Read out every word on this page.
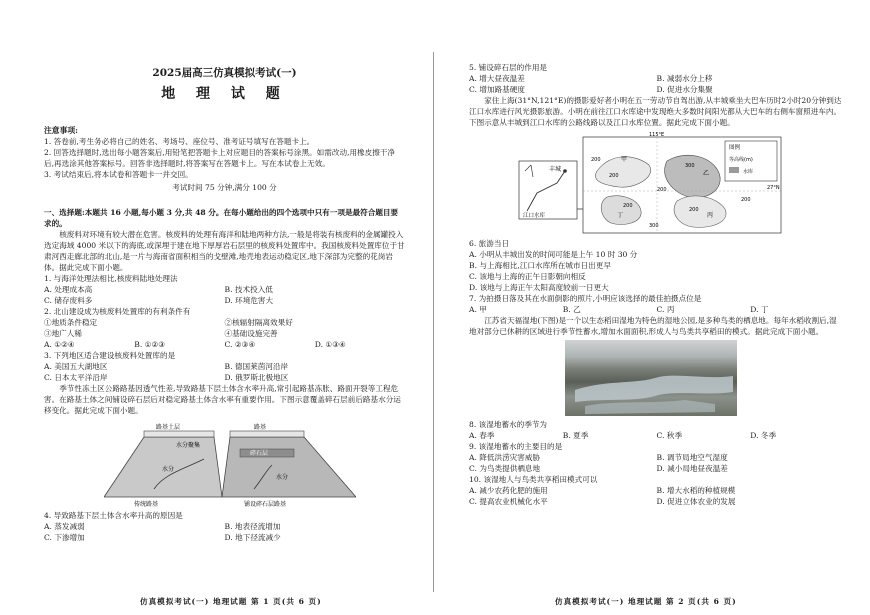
2025届高三仿真模拟考试(一)
地 理 试 题
注意事项:
1. 答卷前,考生务必将自己的姓名、考场号、座位号、准考证号填写在答题卡上。
2. 回答选择题时,选出每小题答案后,用铅笔把答题卡上对应题目的答案标号涂黑。如需改动,用橡皮擦干净后,再选涂其他答案标号。回答非选择题时,将答案写在答题卡上。写在本试卷上无效。
3. 考试结束后,将本试卷和答题卡一并交回。
考试时间 75 分钟,满分 100 分
一、选择题:本题共 16 小题,每小题 3 分,共 48 分。在每小题给出的四个选项中只有一项是最符合题目要求的。
核废料对环境有较大潜在危害。核废料的处理有海洋和陆地两种方法,一般是将装有核废料的金属罐投入选定海域 4000 米以下的海底,或深埋于建在地下厚厚岩石层里的核废料处置库中。我国核废料处置库位于甘肃河西走廊北部的北山,是一片与海南省面积相当的戈壁滩,地壳地表运动稳定区,地下深部为完整的花岗岩体。据此完成下面小题。
1. 与海洋处理法相比,核废料陆地处理法
A. 处理成本高	B. 技术投入低
C. 储存废料多	D. 环境危害大
2. 北山建设成为核废料处置库的有利条件有
①地质条件稳定	②核辐射隔离效果好
③地广人稀	④基础设施完善
A. ①②④	B. ①②③	C. ②③④	D. ①③④
3. 下列地区适合建设核废料处置库的是
A. 美国五大湖地区	B. 德国莱茵河沿岸
C. 日本太平洋沿岸	D. 俄罗斯北极地区
季节性冻土区公路路基因透气性差,导致路基下层土体含水率升高,常引起路基冻胀、路面开裂等工程危害。在路基土体之间铺设碎石层后对稳定路基土体含水率有重要作用。下图示意覆盖碎石层前后路基水分运移变化。据此完成下面小题。
路基土层	路基
水分聚集
碎石层
水分
水分
传统路基	铺设碎石层路基
4. 导致路基下层土体含水率升高的原因是
A. 蒸发减弱	B. 地表径流增加
C. 下渗增加	D. 地下径流减少
仿真模拟考试(一) 地理试题 第 1 页(共 6 页)
5. 铺设碎石层的作用是
A. 增大昼夜温差	B. 减弱水分上移
C. 增加路基硬度	D. 促进水分集聚
家住上海(31°N,121°E)的摄影爱好者小明在五一劳动节自驾出游,从丰城乘坐大巴车历时2小时20分钟到达江口水库进行风光摄影旅游。小明在前往江口水库途中发现绝大多数时间阳光都从大巴车的右侧车窗照进车内。下图示意从丰城到江口水库的公路线路以及江口水库位置。据此完成下面小题。
丰城
江口水库
图例
等高线(m)
水库
115°E
27°N
甲
乙
丙
丁
200
300
200
200
200
200
200
300
6. 旅游当日
A. 小明从丰城出发的时间可能是上午 10 时 30 分
B. 与上海相比,江口水库所在城市日出更早
C. 该地与上海的正午日影朝向相反
D. 该地与上海正午太阳高度较前一日更大
7. 为拍摄日落及其在水面倒影的照片,小明应该选择的最佳拍摄点位是
A. 甲	B. 乙	C. 丙	D. 丁
江苏省天福湿地(下图)是一个以生态稻田湿地为特色的湿地公园,是多种鸟类的栖息地。每年水稻收割后,湿地对部分已休耕的区域进行季节性蓄水,增加水面面积,形成人与鸟类共享稻田的模式。据此完成下面小题。
8. 该湿地蓄水的季节为
A. 春季	B. 夏季	C. 秋季	D. 冬季
9. 该湿地蓄水的主要目的是
A. 降低洪涝灾害威胁	B. 调节局地空气湿度
C. 为鸟类提供栖息地	D. 减小局地昼夜温差
10. 该湿地人与鸟类共享稻田模式可以
A. 减少农药化肥的施用	B. 增大水稻的种植规模
C. 提高农业机械化水平	D. 促进立体农业的发展
仿真模拟考试(一) 地理试题 第 2 页(共 6 页)
